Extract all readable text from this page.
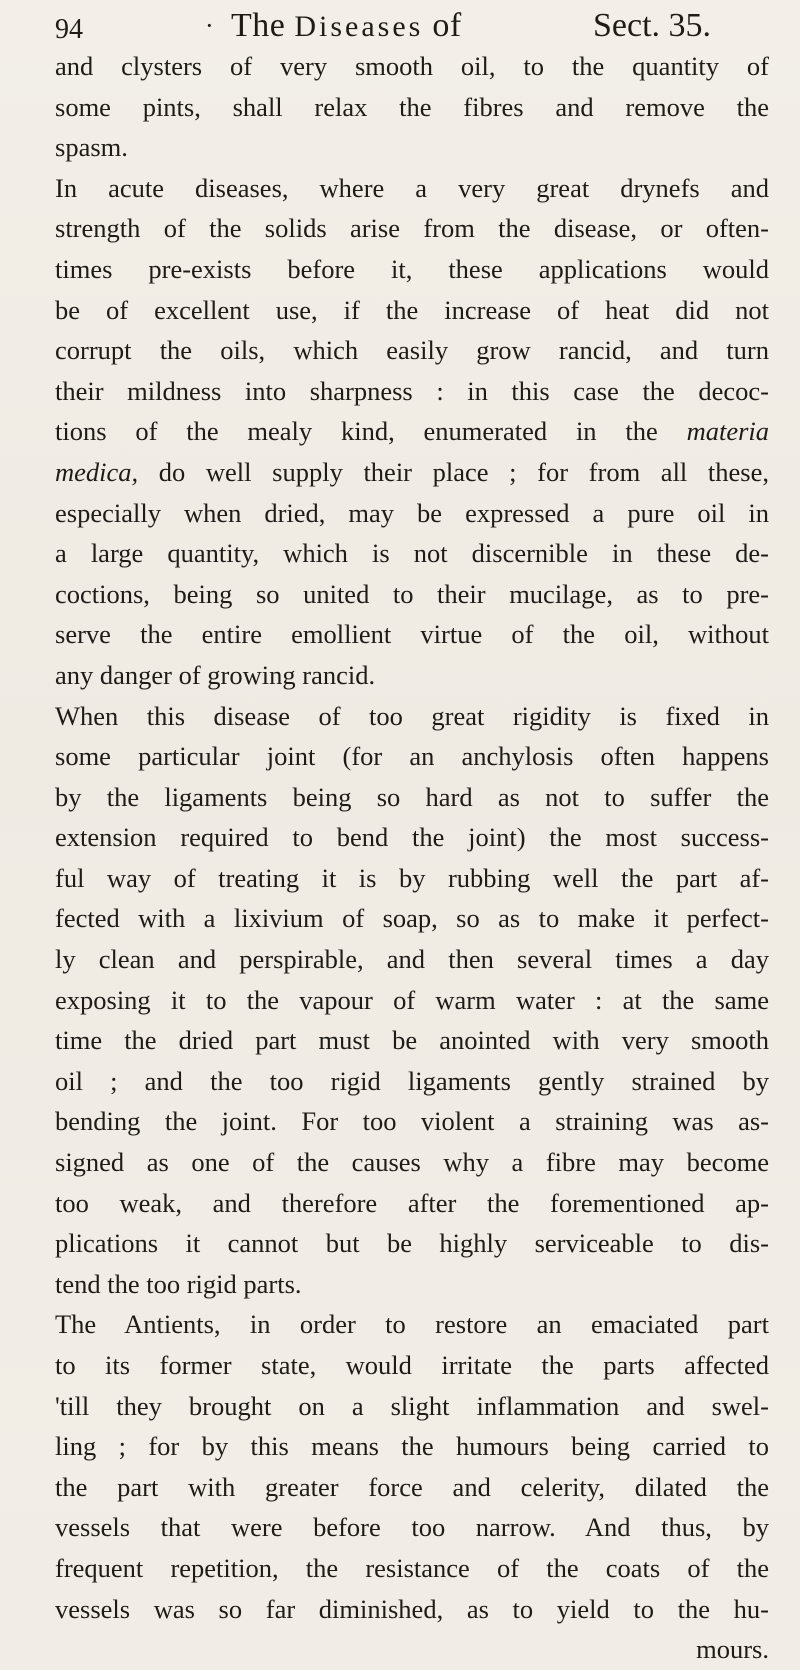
94	· The Diseases of	Sect. 35.
and clysters of very smooth oil, to the quantity of
some pints, shall relax the fibres and remove the
spasm.
In acute diseases, where a very great drynefs and
strength of the solids arise from the disease, or often-
times pre-exists before it, these applications would
be of excellent use, if the increase of heat did not
corrupt the oils, which easily grow rancid, and turn
their mildness into sharpness : in this case the decoc-
tions of the mealy kind, enumerated in the materia
medica, do well supply their place ; for from all these,
especially when dried, may be expressed a pure oil in
a large quantity, which is not discernible in these de-
coctions, being so united to their mucilage, as to pre-
serve the entire emollient virtue of the oil, without
any danger of growing rancid.
When this disease of too great rigidity is fixed in
some particular joint (for an anchylosis often happens
by the ligaments being so hard as not to suffer the
extension required to bend the joint) the most success-
ful way of treating it is by rubbing well the part af-
fected with a lixivium of soap, so as to make it perfect-
ly clean and perspirable, and then several times a day
exposing it to the vapour of warm water : at the same
time the dried part must be anointed with very smooth
oil ; and the too rigid ligaments gently strained by
bending the joint. For too violent a straining was as-
signed as one of the causes why a fibre may become
too weak, and therefore after the forementioned ap-
plications it cannot but be highly serviceable to dis-
tend the too rigid parts.
The Antients, in order to restore an emaciated part
to its former state, would irritate the parts affected
'till they brought on a slight inflammation and swel-
ling ; for by this means the humours being carried to
the part with greater force and celerity, dilated the
vessels that were before too narrow. And thus, by
frequent repetition, the resistance of the coats of the
vessels was so far diminished, as to yield to the hu-
mours.
